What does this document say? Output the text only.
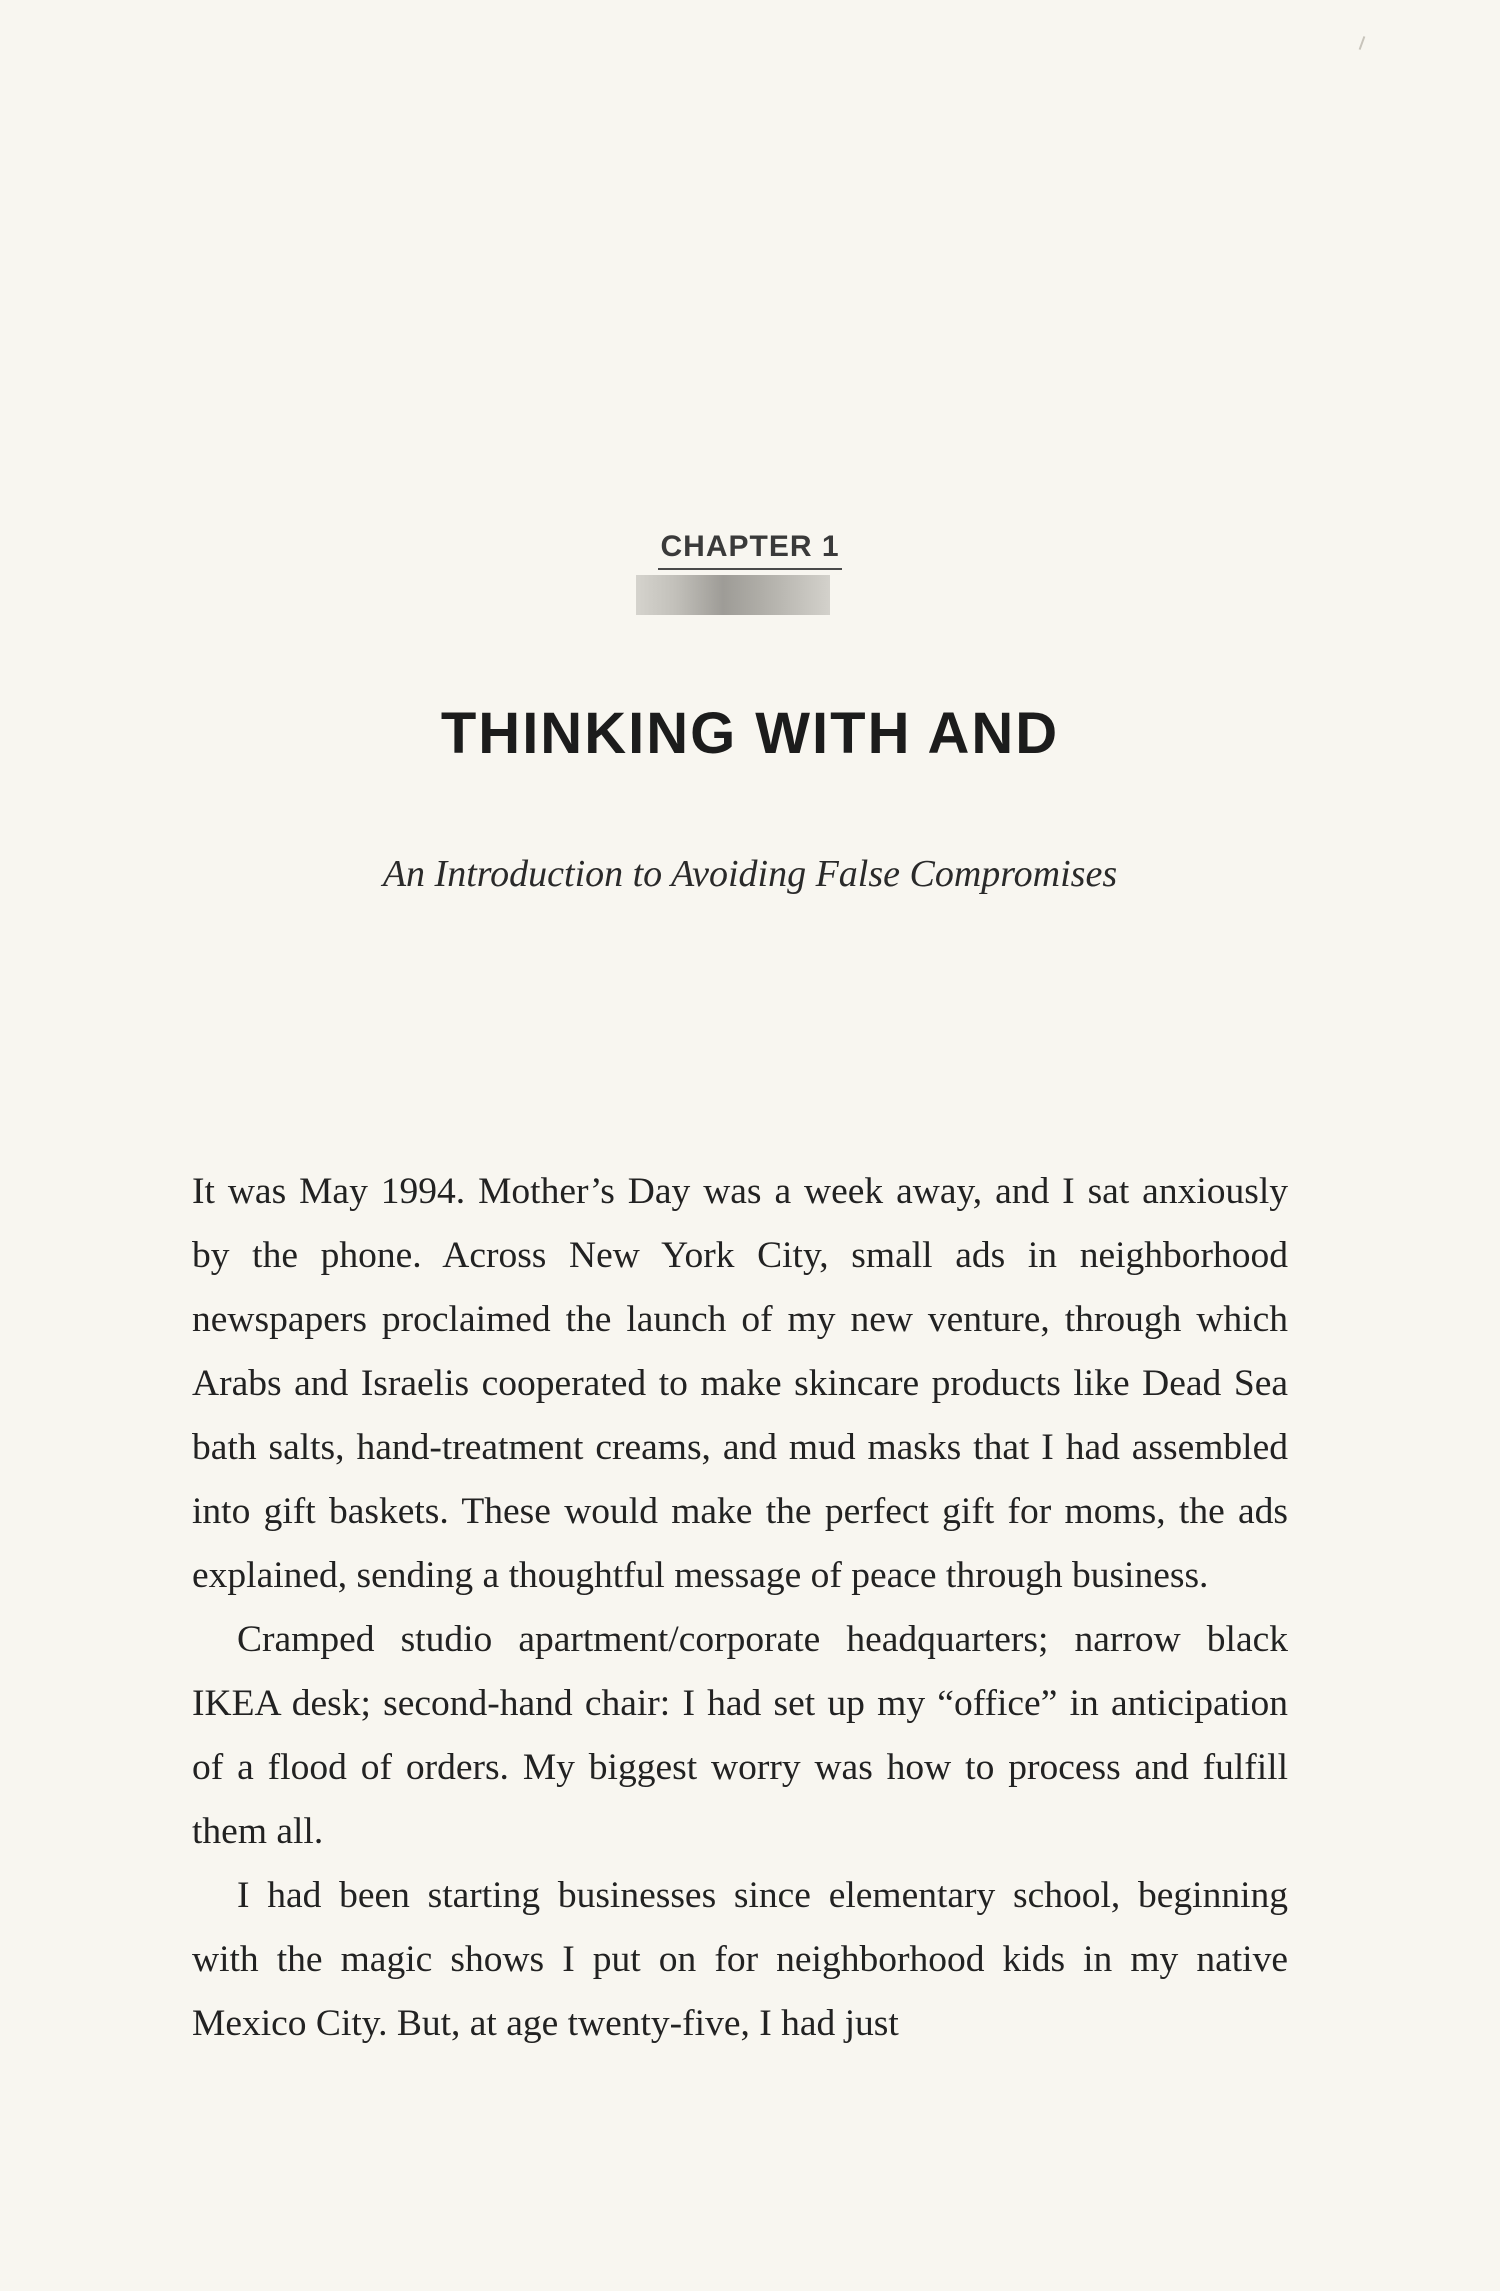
CHAPTER 1
THINKING WITH AND
An Introduction to Avoiding False Compromises

It was May 1994. Mother’s Day was a week away, and I sat anxiously by the phone. Across New York City, small ads in neighborhood newspapers proclaimed the launch of my new venture, through which Arabs and Israelis cooperated to make skincare products like Dead Sea bath salts, hand-treatment creams, and mud masks that I had assembled into gift baskets. These would make the perfect gift for moms, the ads explained, sending a thoughtful message of peace through business.

Cramped studio apartment/corporate headquarters; narrow black IKEA desk; second-hand chair: I had set up my “office” in anticipation of a flood of orders. My biggest worry was how to process and fulfill them all.

I had been starting businesses since elementary school, beginning with the magic shows I put on for neighborhood kids in my native Mexico City. But, at age twenty-five, I had just
